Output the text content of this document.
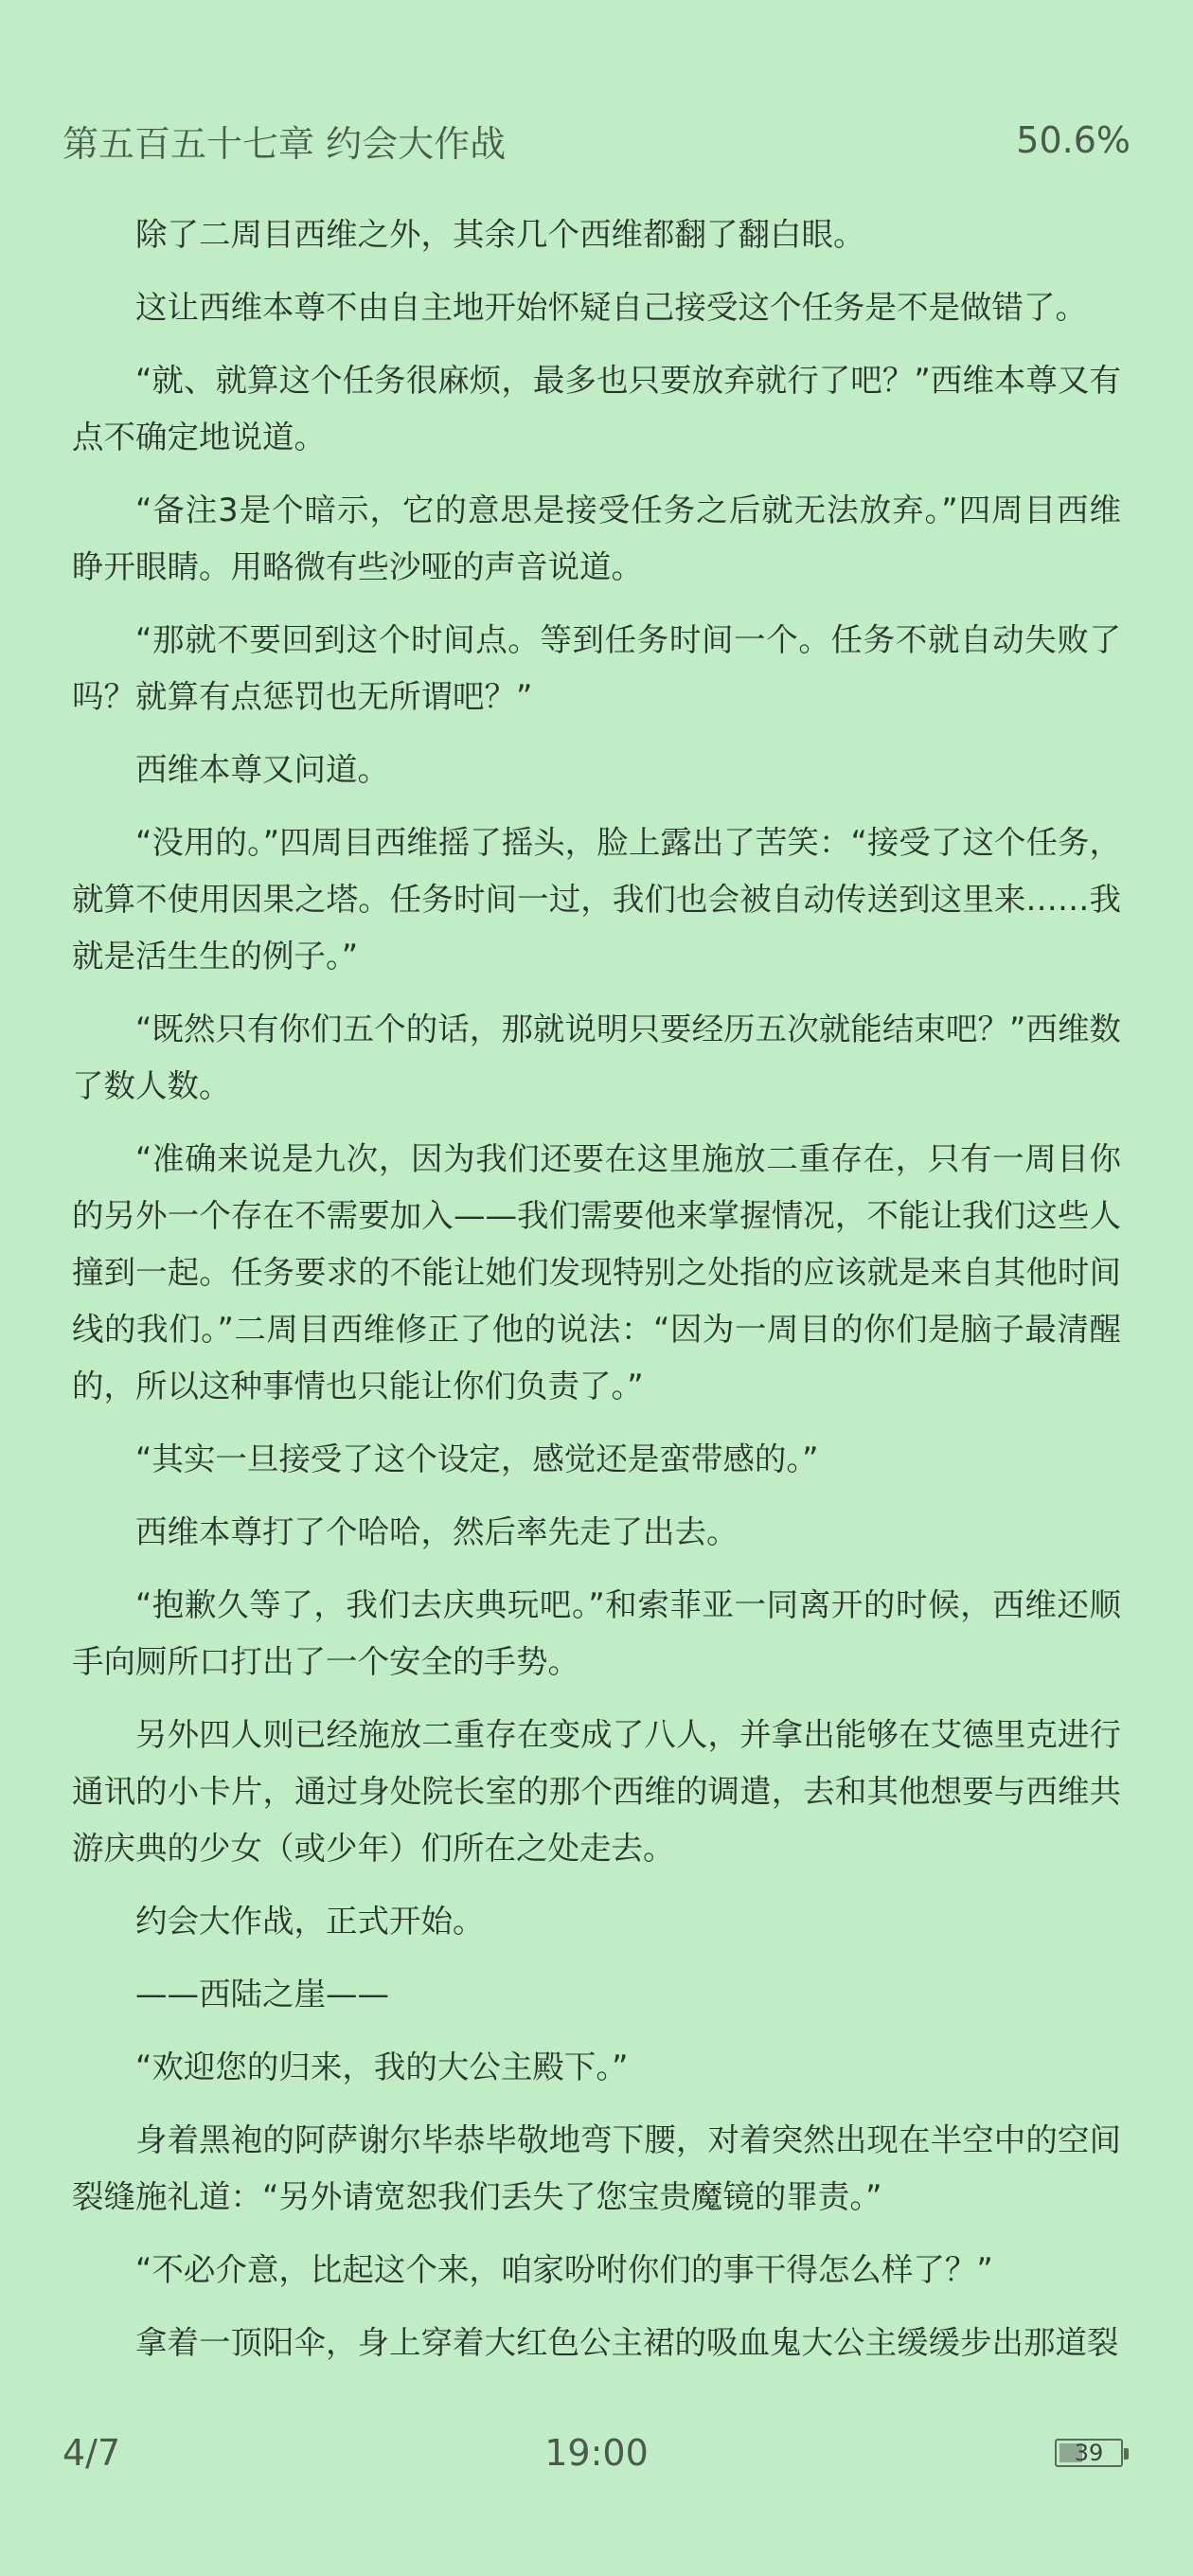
第五百五十七章 约会大作战	50.6%

除了二周目西维之外，其余几个西维都翻了翻白眼。

这让西维本尊不由自主地开始怀疑自己接受这个任务是不是做错了。

“就、就算这个任务很麻烦，最多也只要放弃就行了吧？”西维本尊又有点不确定地说道。

“备注3是个暗示，它的意思是接受任务之后就无法放弃。”四周目西维睁开眼睛。用略微有些沙哑的声音说道。

“那就不要回到这个时间点。等到任务时间一个。任务不就自动失败了吗？就算有点惩罚也无所谓吧？”

西维本尊又问道。

“没用的。”四周目西维摇了摇头，脸上露出了苦笑：“接受了这个任务，就算不使用因果之塔。任务时间一过，我们也会被自动传送到这里来……我就是活生生的例子。”

“既然只有你们五个的话，那就说明只要经历五次就能结束吧？”西维数了数人数。

“准确来说是九次，因为我们还要在这里施放二重存在，只有一周目你的另外一个存在不需要加入——我们需要他来掌握情况，不能让我们这些人撞到一起。任务要求的不能让她们发现特别之处指的应该就是来自其他时间线的我们。”二周目西维修正了他的说法：“因为一周目的你们是脑子最清醒的，所以这种事情也只能让你们负责了。”

“其实一旦接受了这个设定，感觉还是蛮带感的。”

西维本尊打了个哈哈，然后率先走了出去。

“抱歉久等了，我们去庆典玩吧。”和索菲亚一同离开的时候，西维还顺手向厕所口打出了一个安全的手势。

另外四人则已经施放二重存在变成了八人，并拿出能够在艾德里克进行通讯的小卡片，通过身处院长室的那个西维的调遣，去和其他想要与西维共游庆典的少女（或少年）们所在之处走去。

约会大作战，正式开始。

——西陆之崖——

“欢迎您的归来，我的大公主殿下。”

身着黑袍的阿萨谢尔毕恭毕敬地弯下腰，对着突然出现在半空中的空间裂缝施礼道：“另外请宽恕我们丢失了您宝贵魔镜的罪责。”

“不必介意，比起这个来，咱家吩咐你们的事干得怎么样了？”

拿着一顶阳伞，身上穿着大红色公主裙的吸血鬼大公主缓缓步出那道裂

4/7	19:00	39
